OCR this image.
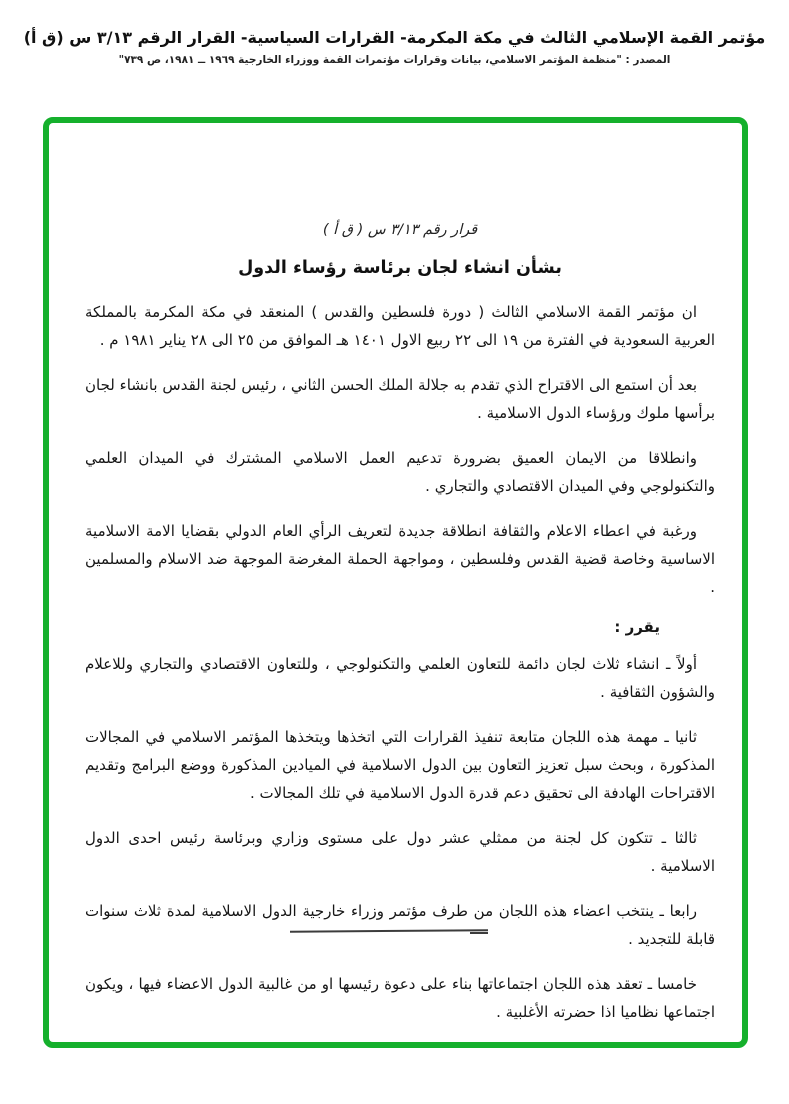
مؤتمر القمة الإسلامي الثالث في مكة المكرمة- القرارات السياسية- القرار الرقم ٣/١٣ س (ق أ)
المصدر : "منظمة المؤتمر الاسلامي، بيانات وقرارات مؤتمرات القمة ووزراء الخارجية ١٩٦٩ ــ ١٩٨١، ص ٧٣٩"

قرار رقم ٣/١٣ س ( ق أ )

بشأن انشاء لجان برئاسة رؤساء الدول

ان مؤتمر القمة الاسلامي الثالث ( دورة فلسطين والقدس ) المنعقد في مكة المكرمة بالمملكة العربية السعودية في الفترة من ١٩ الى ٢٢ ربيع الاول ١٤٠١ هـ الموافق من ٢٥ الى ٢٨ يناير ١٩٨١ م .

بعد أن استمع الى الاقتراح الذي تقدم به جلالة الملك الحسن الثاني ، رئيس لجنة القدس بانشاء لجان برأسها ملوك ورؤساء الدول الاسلامية .

وانطلاقا من الايمان العميق بضرورة تدعيم العمل الاسلامي المشترك في الميدان العلمي والتكنولوجي وفي الميدان الاقتصادي والتجاري .

ورغبة في اعطاء الاعلام والثقافة انطلاقة جديدة لتعريف الرأي العام الدولي بقضايا الامة الاسلامية الاساسية وخاصة قضية القدس وفلسطين ، ومواجهة الحملة المغرضة الموجهة ضد الاسلام والمسلمين .

يقرر :

أولاً ـ انشاء ثلاث لجان دائمة للتعاون العلمي والتكنولوجي ، وللتعاون الاقتصادي والتجاري وللاعلام والشؤون الثقافية .

ثانيا ـ مهمة هذه اللجان متابعة تنفيذ القرارات التي اتخذها ويتخذها المؤتمر الاسلامي في المجالات المذكورة ، وبحث سبل تعزيز التعاون بين الدول الاسلامية في الميادين المذكورة ووضع البرامج وتقديم الاقتراحات الهادفة الى تحقيق دعم قدرة الدول الاسلامية في تلك المجالات .

ثالثا ـ تتكون كل لجنة من ممثلي عشر دول على مستوى وزاري وبرئاسة رئيس احدى الدول الاسلامية .

رابعا ـ ينتخب اعضاء هذه اللجان من طرف مؤتمر وزراء خارجية الدول الاسلامية لمدة ثلاث سنوات قابلة للتجديد .

خامسا ـ تعقد هذه اللجان اجتماعاتها بناء على دعوة رئيسها او من غالبية الدول الاعضاء فيها ، ويكون اجتماعها نظاميا اذا حضرته الأغلبية .
